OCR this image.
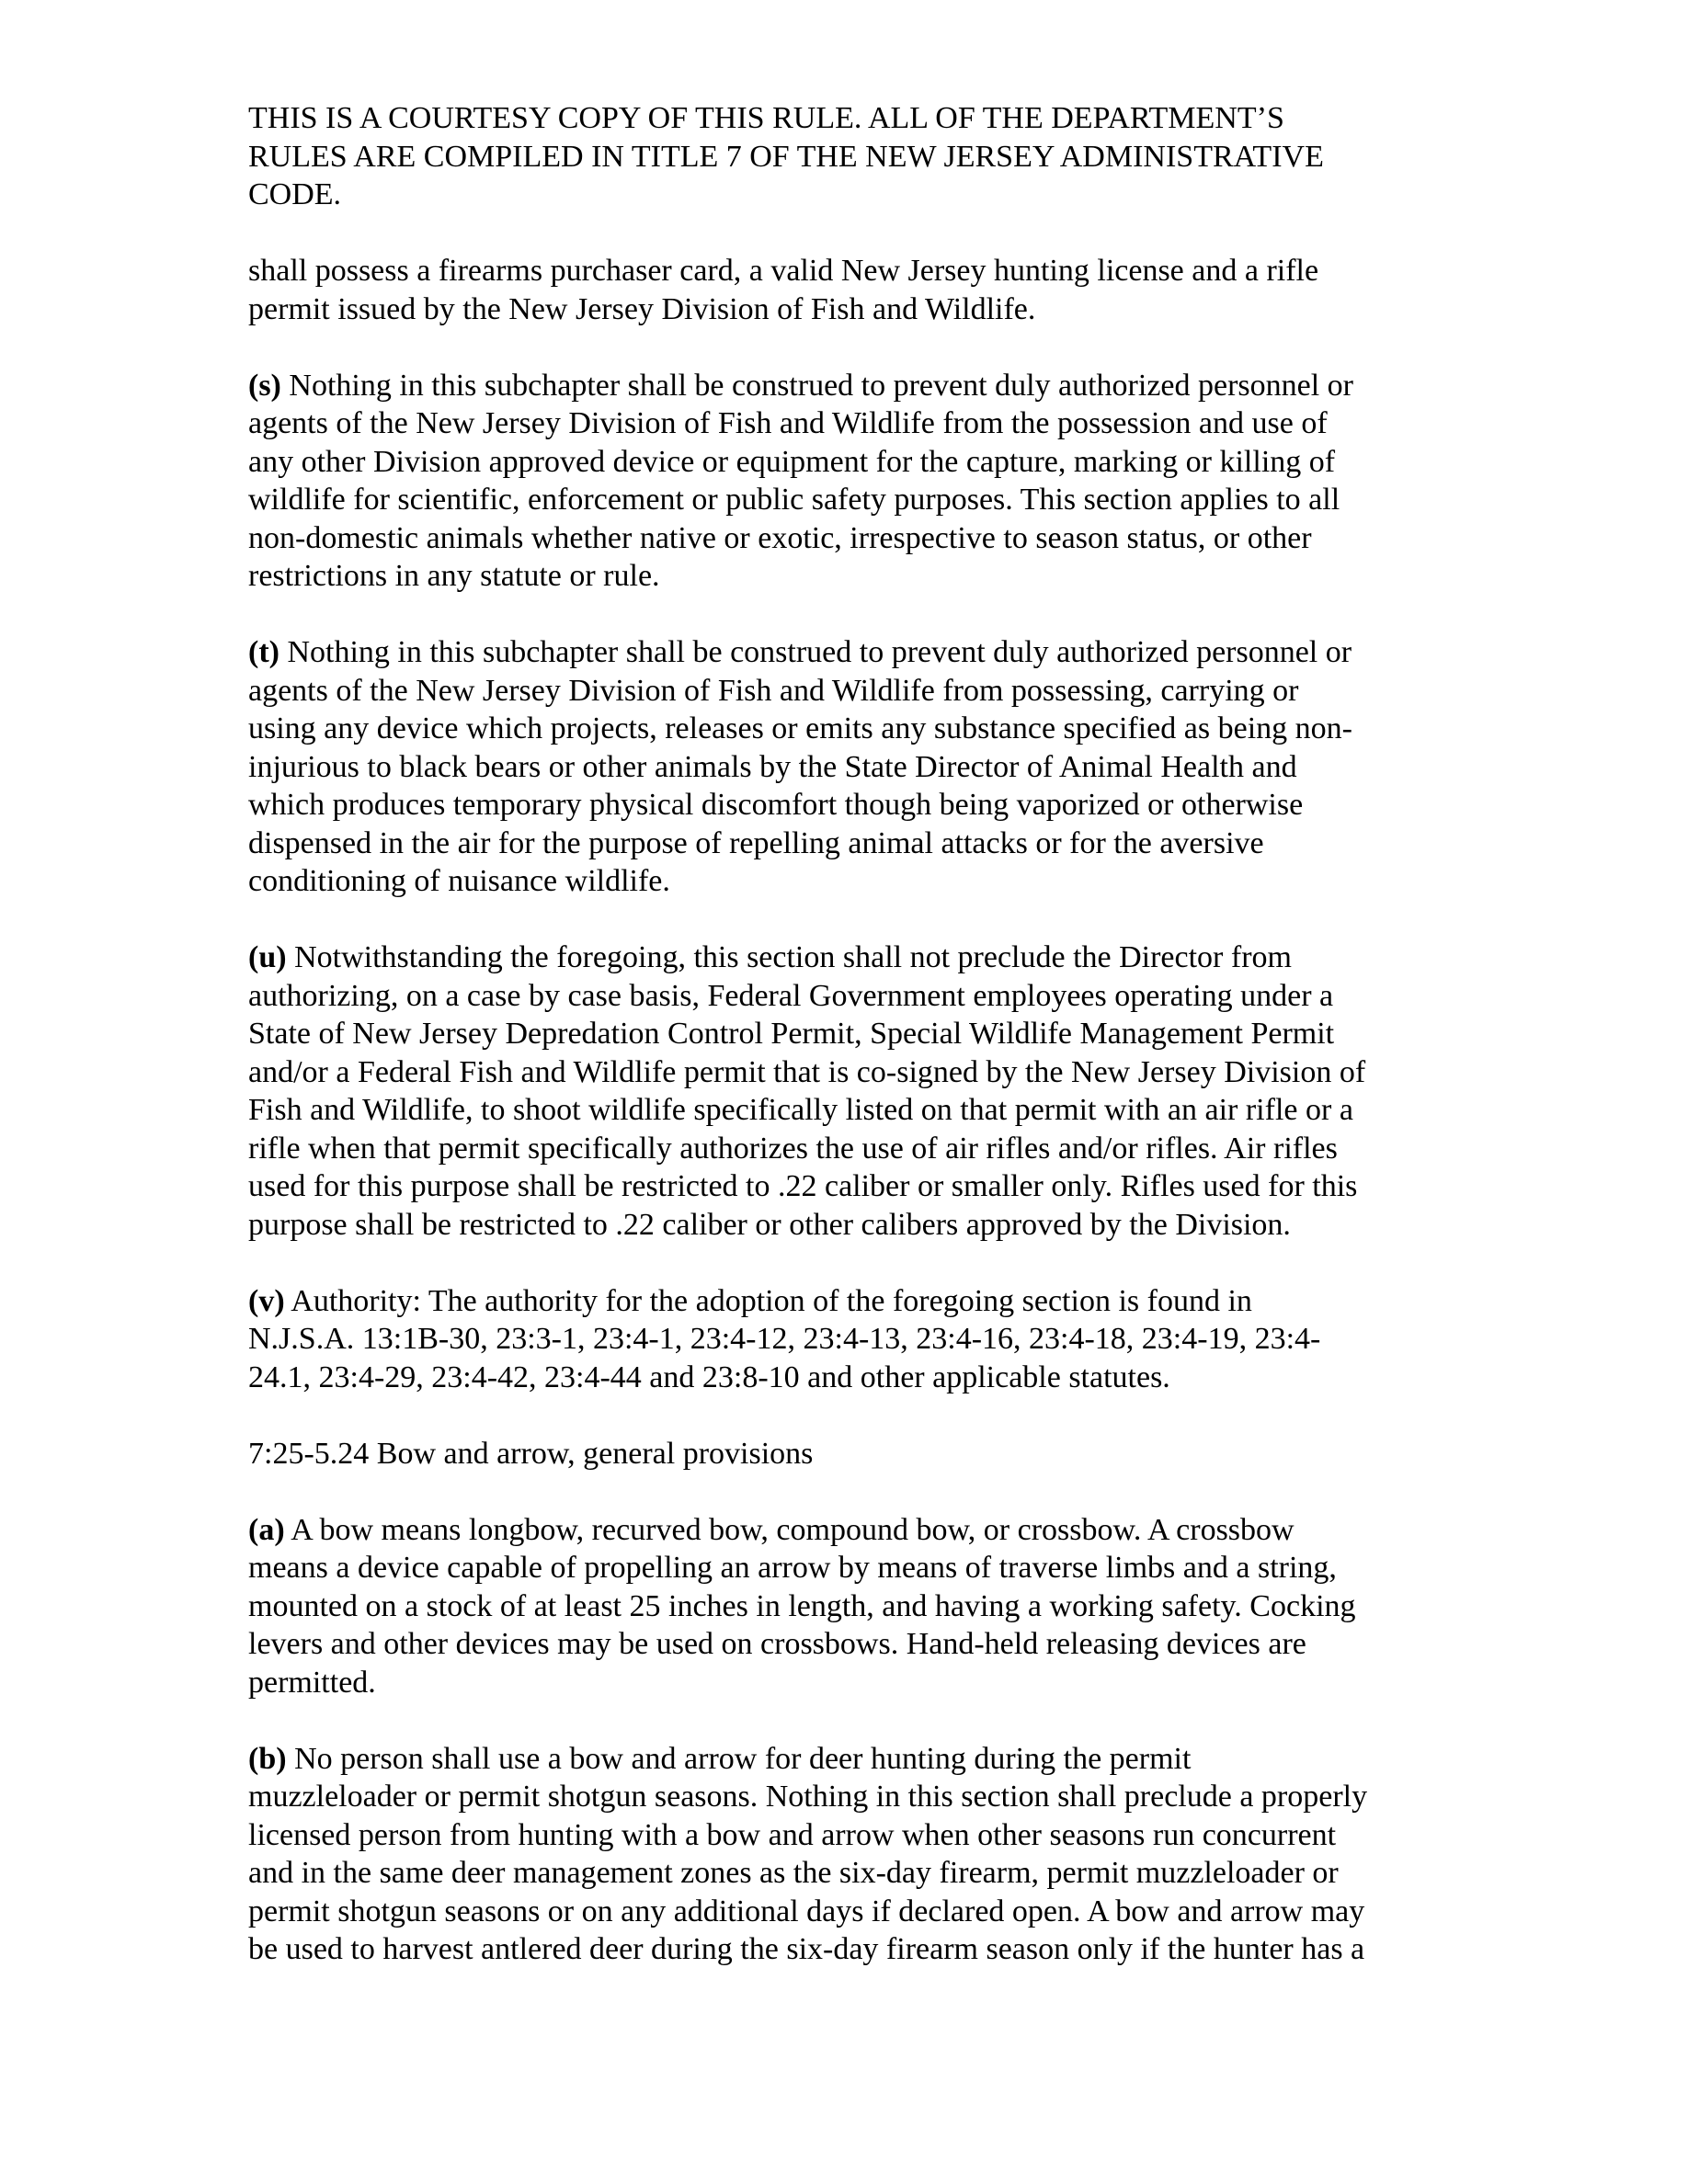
THIS IS A COURTESY COPY OF THIS RULE. ALL OF THE DEPARTMENT’S
RULES ARE COMPILED IN TITLE 7 OF THE NEW JERSEY ADMINISTRATIVE
CODE.
shall possess a firearms purchaser card, a valid New Jersey hunting license and a rifle
permit issued by the New Jersey Division of Fish and Wildlife.
(s) Nothing in this subchapter shall be construed to prevent duly authorized personnel or
agents of the New Jersey Division of Fish and Wildlife from the possession and use of
any other Division approved device or equipment for the capture, marking or killing of
wildlife for scientific, enforcement or public safety purposes. This section applies to all
non-domestic animals whether native or exotic, irrespective to season status, or other
restrictions in any statute or rule.
(t) Nothing in this subchapter shall be construed to prevent duly authorized personnel or
agents of the New Jersey Division of Fish and Wildlife from possessing, carrying or
using any device which projects, releases or emits any substance specified as being non-
injurious to black bears or other animals by the State Director of Animal Health and
which produces temporary physical discomfort though being vaporized or otherwise
dispensed in the air for the purpose of repelling animal attacks or for the aversive
conditioning of nuisance wildlife.
(u) Notwithstanding the foregoing, this section shall not preclude the Director from
authorizing, on a case by case basis, Federal Government employees operating under a
State of New Jersey Depredation Control Permit, Special Wildlife Management Permit
and/or a Federal Fish and Wildlife permit that is co-signed by the New Jersey Division of
Fish and Wildlife, to shoot wildlife specifically listed on that permit with an air rifle or a
rifle when that permit specifically authorizes the use of air rifles and/or rifles. Air rifles
used for this purpose shall be restricted to .22 caliber or smaller only. Rifles used for this
purpose shall be restricted to .22 caliber or other calibers approved by the Division.
(v) Authority: The authority for the adoption of the foregoing section is found in
N.J.S.A. 13:1B-30, 23:3-1, 23:4-1, 23:4-12, 23:4-13, 23:4-16, 23:4-18, 23:4-19, 23:4-
24.1, 23:4-29, 23:4-42, 23:4-44 and 23:8-10 and other applicable statutes.
7:25-5.24 Bow and arrow, general provisions
(a) A bow means longbow, recurved bow, compound bow, or crossbow. A crossbow
means a device capable of propelling an arrow by means of traverse limbs and a string,
mounted on a stock of at least 25 inches in length, and having a working safety. Cocking
levers and other devices may be used on crossbows. Hand-held releasing devices are
permitted.
(b) No person shall use a bow and arrow for deer hunting during the permit
muzzleloader or permit shotgun seasons. Nothing in this section shall preclude a properly
licensed person from hunting with a bow and arrow when other seasons run concurrent
and in the same deer management zones as the six-day firearm, permit muzzleloader or
permit shotgun seasons or on any additional days if declared open. A bow and arrow may
be used to harvest antlered deer during the six-day firearm season only if the hunter has a
